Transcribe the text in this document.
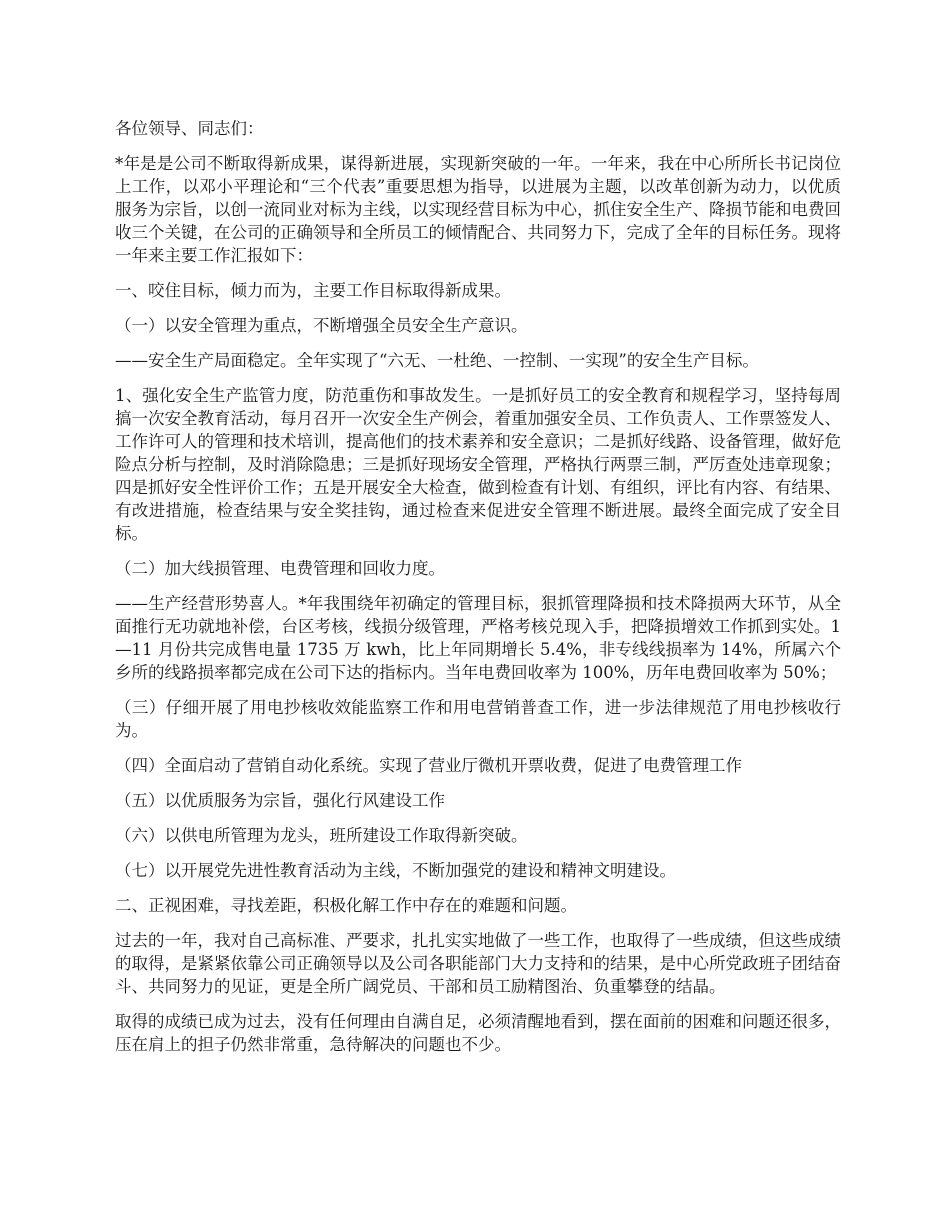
各位领导、同志们：

*年是是公司不断取得新成果，谋得新进展，实现新突破的一年。一年来，我在中心所所长书记岗位上工作，以邓小平理论和“三个代表”重要思想为指导，以进展为主题，以改革创新为动力，以优质服务为宗旨，以创一流同业对标为主线，以实现经营目标为中心，抓住安全生产、降损节能和电费回收三个关键，在公司的正确领导和全所员工的倾情配合、共同努力下，完成了全年的目标任务。现将一年来主要工作汇报如下：

一、咬住目标，倾力而为，主要工作目标取得新成果。

（一）以安全管理为重点，不断增强全员安全生产意识。

——安全生产局面稳定。全年实现了“六无、一杜绝、一控制、一实现”的安全生产目标。

1、强化安全生产监管力度，防范重伤和事故发生。一是抓好员工的安全教育和规程学习，坚持每周搞一次安全教育活动，每月召开一次安全生产例会，着重加强安全员、工作负责人、工作票签发人、工作许可人的管理和技术培训，提高他们的技术素养和安全意识；二是抓好线路、设备管理，做好危险点分析与控制，及时消除隐患；三是抓好现场安全管理，严格执行两票三制，严厉查处违章现象；四是抓好安全性评价工作；五是开展安全大检查，做到检查有计划、有组织，评比有内容、有结果、有改进措施，检查结果与安全奖挂钩，通过检查来促进安全管理不断进展。最终全面完成了安全目标。

（二）加大线损管理、电费管理和回收力度。

——生产经营形势喜人。*年我围绕年初确定的管理目标，狠抓管理降损和技术降损两大环节，从全面推行无功就地补偿，台区考核，线损分级管理，严格考核兑现入手，把降损增效工作抓到实处。1—11 月份共完成售电量 1735 万 kwh，比上年同期增长 5.4%，非专线线损率为 14%，所属六个乡所的线路损率都完成在公司下达的指标内。当年电费回收率为 100%，历年电费回收率为 50%；

（三）仔细开展了用电抄核收效能监察工作和用电营销普查工作，进一步法律规范了用电抄核收行为。

（四）全面启动了营销自动化系统。实现了营业厅微机开票收费，促进了电费管理工作

（五）以优质服务为宗旨，强化行风建设工作

（六）以供电所管理为龙头，班所建设工作取得新突破。

（七）以开展党先进性教育活动为主线，不断加强党的建设和精神文明建设。

二、正视困难，寻找差距，积极化解工作中存在的难题和问题。

过去的一年，我对自己高标准、严要求，扎扎实实地做了一些工作，也取得了一些成绩，但这些成绩的取得，是紧紧依靠公司正确领导以及公司各职能部门大力支持和的结果，是中心所党政班子团结奋斗、共同努力的见证，更是全所广阔党员、干部和员工励精图治、负重攀登的结晶。

取得的成绩已成为过去，没有任何理由自满自足，必须清醒地看到，摆在面前的困难和问题还很多，压在肩上的担子仍然非常重，急待解决的问题也不少。
